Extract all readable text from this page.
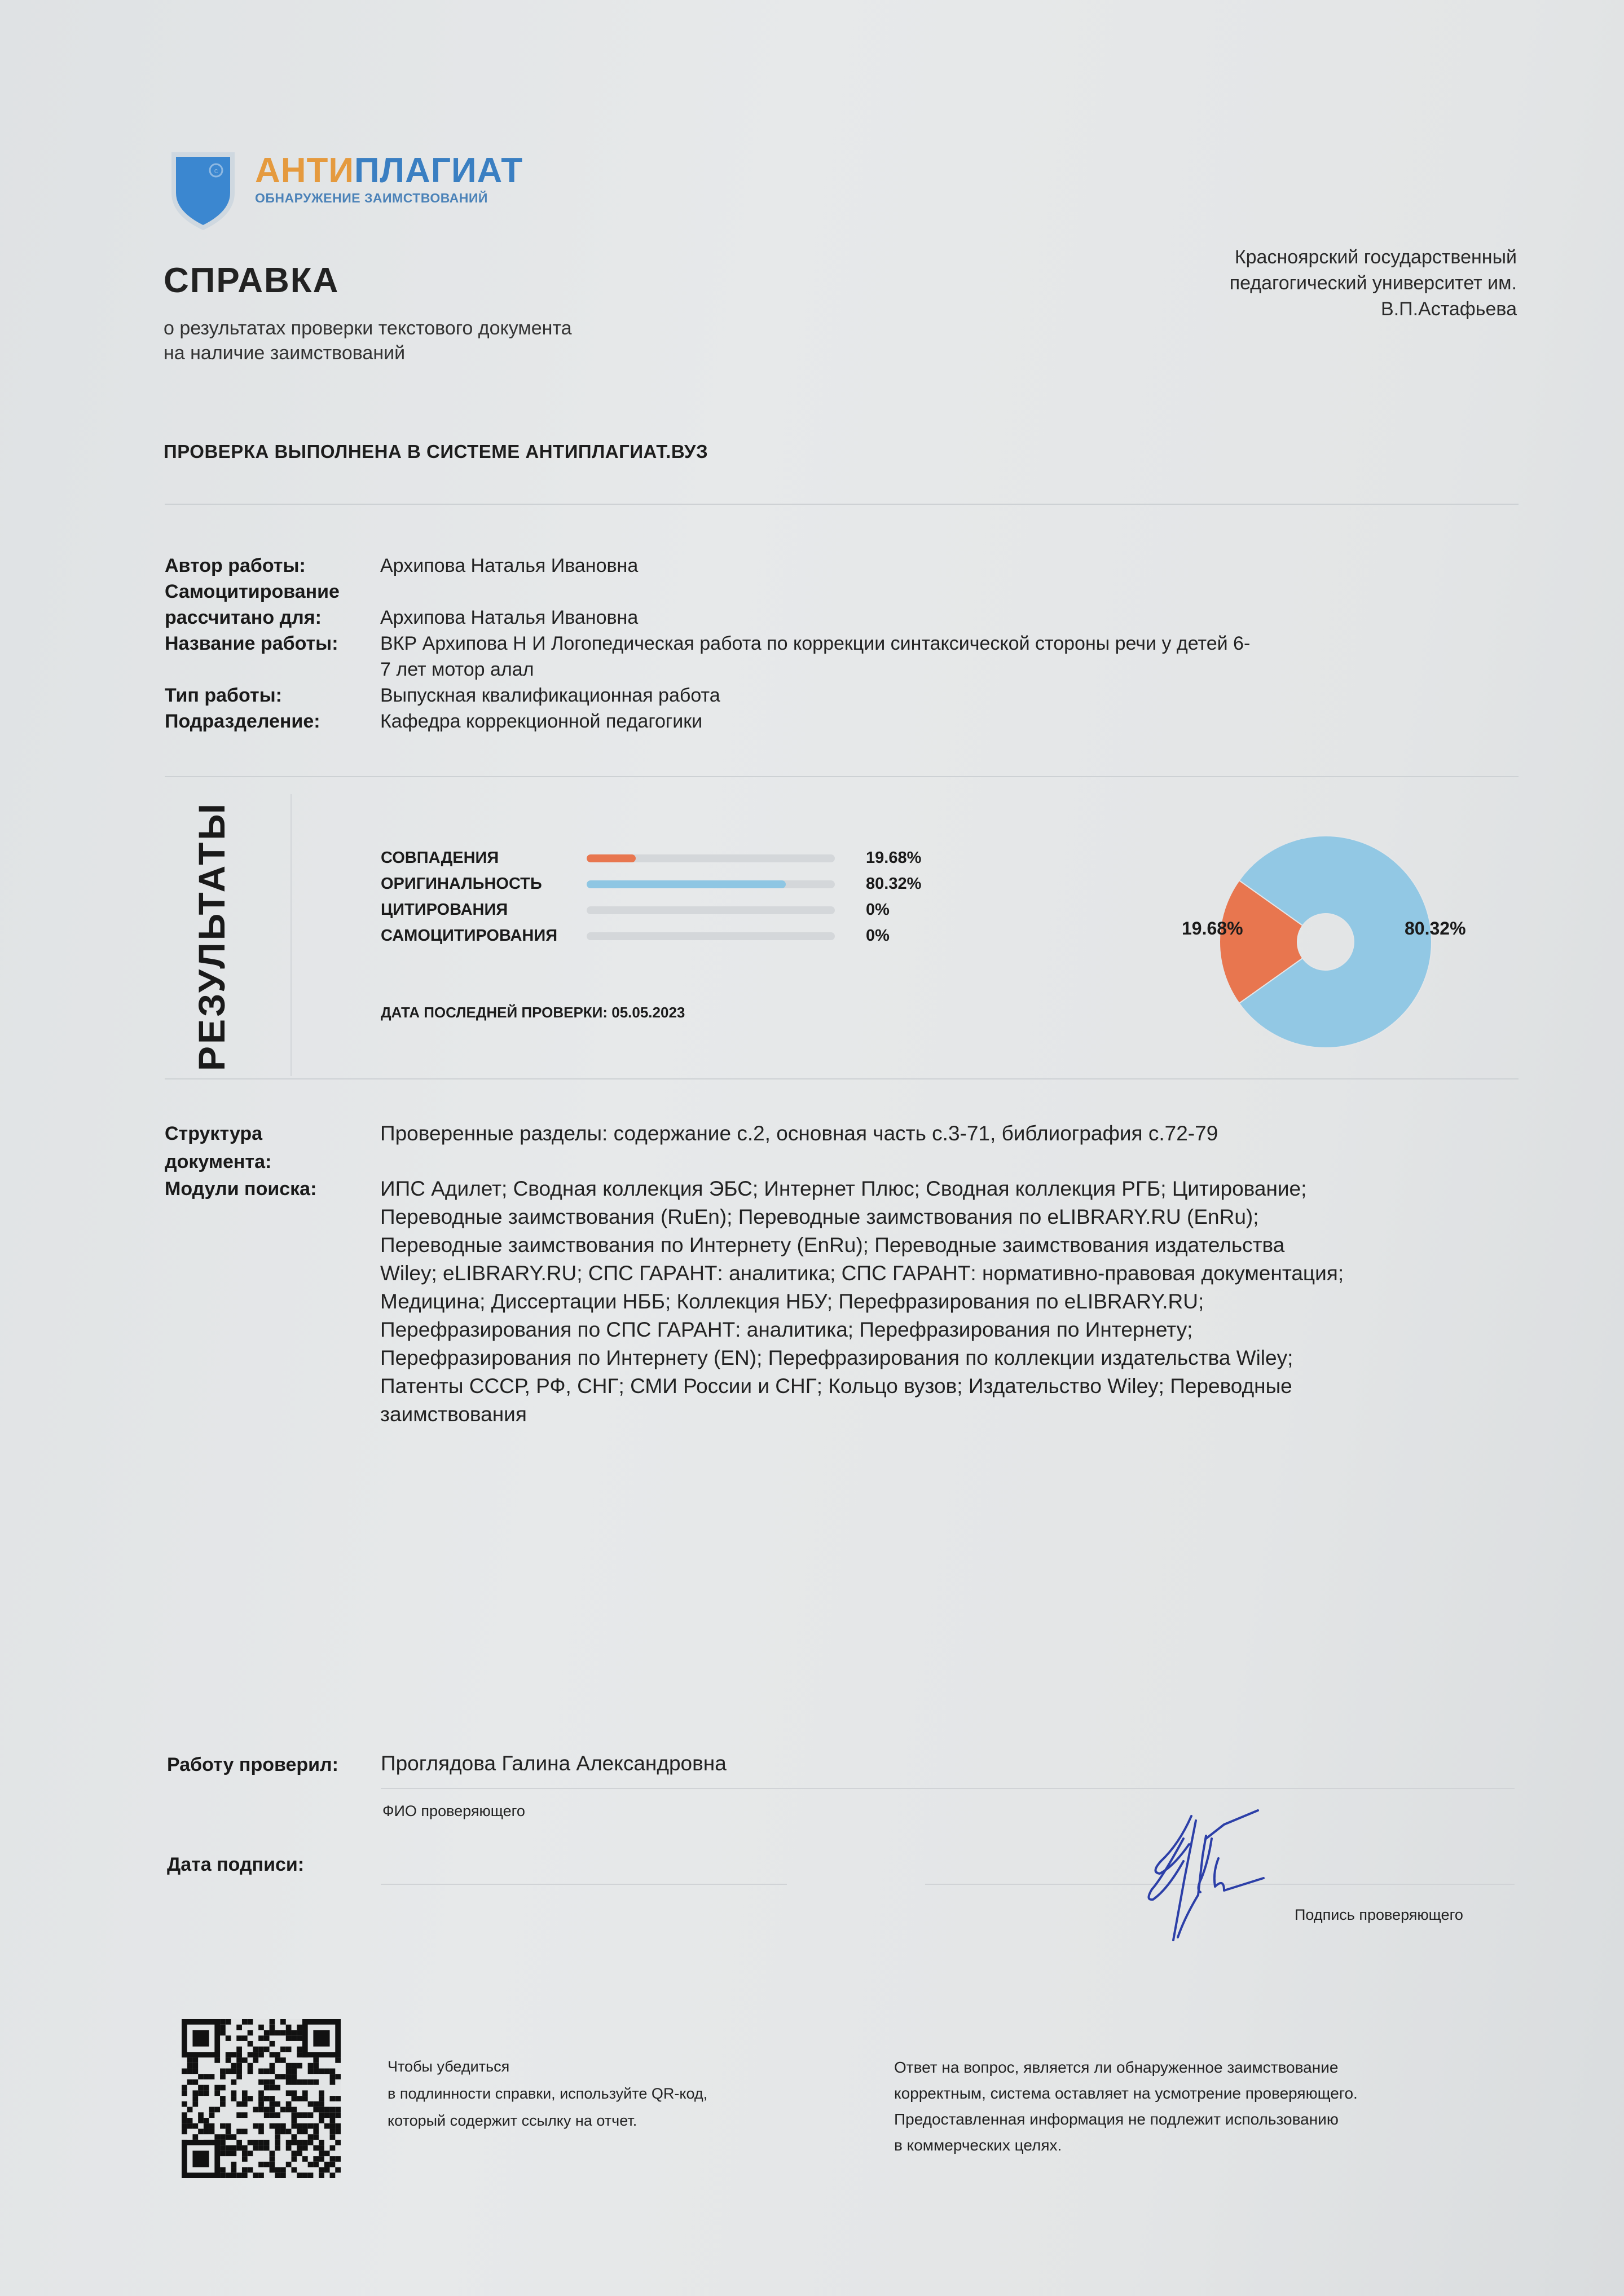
c АНТИПЛАГИАТ
ОБНАРУЖЕНИЕ ЗАИМСТВОВАНИЙ
СПРАВКА
о результатах проверки текстового документа
на наличие заимствований
Красноярский государственный
педагогический университет им.
В.П.Астафьева
ПРОВЕРКА ВЫПОЛНЕНА В СИСТЕМЕ АНТИПЛАГИАТ.ВУЗ
Автор работы:	Архипова Наталья Ивановна
Самоцитирование
рассчитано для:	Архипова Наталья Ивановна
Название работы:	ВКР Архипова Н И Логопедическая работа по коррекции синтаксической стороны речи у детей 6-
7 лет мотор алал
Тип работы:	Выпускная квалификационная работа
Подразделение:	Кафедра коррекционной педагогики
РЕЗУЛЬТАТЫ	СОВПАДЕНИЯ	19.68%
ОРИГИНАЛЬНОСТЬ	80.32%
ЦИТИРОВАНИЯ	0%
САМОЦИТИРОВАНИЯ	0%
ДАТА ПОСЛЕДНЕЙ ПРОВЕРКИ: 05.05.2023
19.68%	80.32%
Структура
документа:
Проверенные разделы: содержание с.2, основная часть с.3-71, библиография с.72-79
Модули поиска:	ИПС Адилет; Сводная коллекция ЭБС; Интернет Плюс; Сводная коллекция РГБ; Цитирование;
Переводные заимствования (RuEn); Переводные заимствования по eLIBRARY.RU (EnRu);
Переводные заимствования по Интернету (EnRu); Переводные заимствования издательства
Wiley; eLIBRARY.RU; СПС ГАРАНТ: аналитика; СПС ГАРАНТ: нормативно-правовая документация;
Медицина; Диссертации НББ; Коллекция НБУ; Перефразирования по eLIBRARY.RU;
Перефразирования по СПС ГАРАНТ: аналитика; Перефразирования по Интернету;
Перефразирования по Интернету (EN); Перефразирования по коллекции издательства Wiley;
Патенты СССР, РФ, СНГ; СМИ России и СНГ; Кольцо вузов; Издательство Wiley; Переводные
заимствования
Работу проверил: Проглядова Галина Александровна
ФИО проверяющего
Дата подписи:
Подпись проверяющего
Чтобы убедиться
в подлинности справки, используйте QR-код,
который содержит ссылку на отчет.
Ответ на вопрос, является ли обнаруженное заимствование
корректным, система оставляет на усмотрение проверяющего.
Предоставленная информация не подлежит использованию
в коммерческих целях.
